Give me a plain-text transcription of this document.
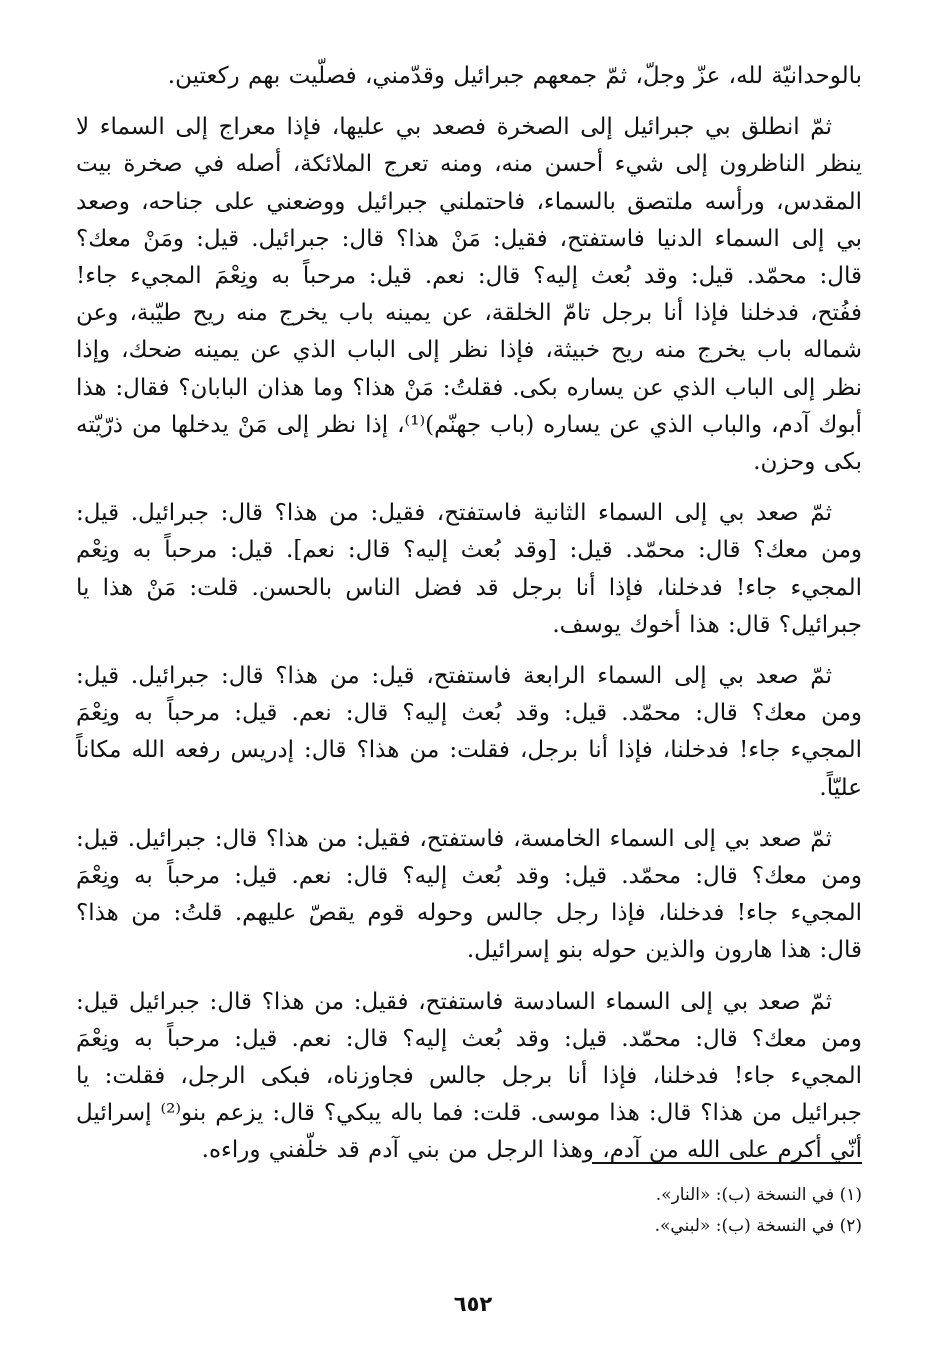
بالوحدانيّة لله، عزّ وجلّ، ثمّ جمعهم جبرائيل وقدّمني، فصلّيت بهم ركعتين.

ثمّ انطلق بي جبرائيل إلى الصخرة فصعد بي عليها، فإذا معراج إلى السماء لا ينظر الناظرون إلى شيء أحسن منه، ومنه تعرج الملائكة، أصله في صخرة بيت المقدس، ورأسه ملتصق بالسماء، فاحتملني جبرائيل ووضعني على جناحه، وصعد بي إلى السماء الدنيا فاستفتح، فقيل: مَنْ هذا؟ قال: جبرائيل. قيل: ومَنْ معك؟ قال: محمّد. قيل: وقد بُعث إليه؟ قال: نعم. قيل: مرحباً به ونِعْمَ المجيء جاء! ففُتح، فدخلنا فإذا أنا برجل تامّ الخلقة، عن يمينه باب يخرج منه ريح طيّبة، وعن شماله باب يخرج منه ريح خبيثة، فإذا نظر إلى الباب الذي عن يمينه ضحك، وإذا نظر إلى الباب الذي عن يساره بكى. فقلتُ: مَنْ هذا؟ وما هذان البابان؟ فقال: هذا أبوك آدم، والباب الذي عن يساره (باب جهنّم)⁽¹⁾، إذا نظر إلى مَنْ يدخلها من ذرّيّته بكى وحزن.

ثمّ صعد بي إلى السماء الثانية فاستفتح، فقيل: من هذا؟ قال: جبرائيل. قيل: ومن معك؟ قال: محمّد. قيل: [وقد بُعث إليه؟ قال: نعم]. قيل: مرحباً به ونِعْم المجيء جاء! فدخلنا، فإذا أنا برجل قد فضل الناس بالحسن. قلت: مَنْ هذا يا جبرائيل؟ قال: هذا أخوك يوسف.

ثمّ صعد بي إلى السماء الرابعة فاستفتح، قيل: من هذا؟ قال: جبرائيل. قيل: ومن معك؟ قال: محمّد. قيل: وقد بُعث إليه؟ قال: نعم. قيل: مرحباً به ونِعْمَ المجيء جاء! فدخلنا، فإذا أنا برجل، فقلت: من هذا؟ قال: إدريس رفعه الله مكاناً عليّاً.

ثمّ صعد بي إلى السماء الخامسة، فاستفتح، فقيل: من هذا؟ قال: جبرائيل. قيل: ومن معك؟ قال: محمّد. قيل: وقد بُعث إليه؟ قال: نعم. قيل: مرحباً به ونِعْمَ المجيء جاء! فدخلنا، فإذا رجل جالس وحوله قوم يقصّ عليهم. قلتُ: من هذا؟ قال: هذا هارون والذين حوله بنو إسرائيل.

ثمّ صعد بي إلى السماء السادسة فاستفتح، فقيل: من هذا؟ قال: جبرائيل قيل: ومن معك؟ قال: محمّد. قيل: وقد بُعث إليه؟ قال: نعم. قيل: مرحباً به ونِعْمَ المجيء جاء! فدخلنا، فإذا أنا برجل جالس فجاوزناه، فبكى الرجل، فقلت: يا جبرائيل من هذا؟ قال: هذا موسى. قلت: فما باله يبكي؟ قال: يزعم بنو⁽²⁾ إسرائيل أنّي أكرم على الله من آدم، وهذا الرجل من بني آدم قد خلّفني وراءه.

(١) في النسخة (ب): «النار».

(٢) في النسخة (ب): «لبني».

٦٥٢
